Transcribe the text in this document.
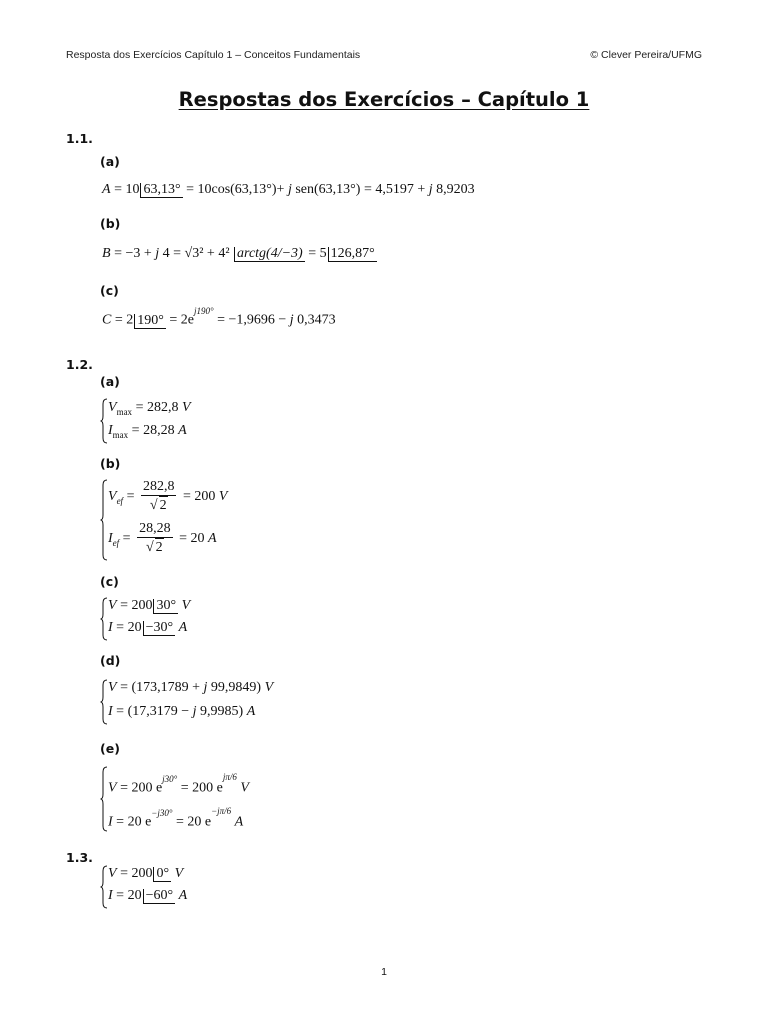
Resposta dos Exercícios Capítulo 1 – Conceitos Fundamentais	© Clever Pereira/UFMG
Respostas dos Exercícios – Capítulo 1
1.1.
(a)
A = 10 63,13° = 10cos(63,13°)+ j sen(63,13°) = 4,5197 + j 8,9203
(b)
B = −3 + j 4 = √3² + 4² arctg(4/−3) = 5 126,87°
(c)
C = 2 $190^\circ = 2e^{j190^\circ} = -1,9696 - j$ 0,3473
1.2.
(a)
$V_{max} = 282,8$ V
$I_{max} = 28,28$ A
(b)
$V_{ef} = \frac{282,8}{√ 2} = 200$ V
$I_{ef} = \frac{28,28}{√ 2} = 20$ A
(c)
V = 200 30° V
I = 20 −30° A
(d)
V = (173,1789 + j 99,9849) V
I = (17,3179 − j 9,9985) A
(e)
V = 200 $e^{j30^\circ} = 200$ $e^{j\pi/6}$ V
I = 20 $e^{-j30^\circ} = 20$ $e^{-j\pi/6}$ A
1.3.
V = 200 0° V
I = 20 −60° A
1
